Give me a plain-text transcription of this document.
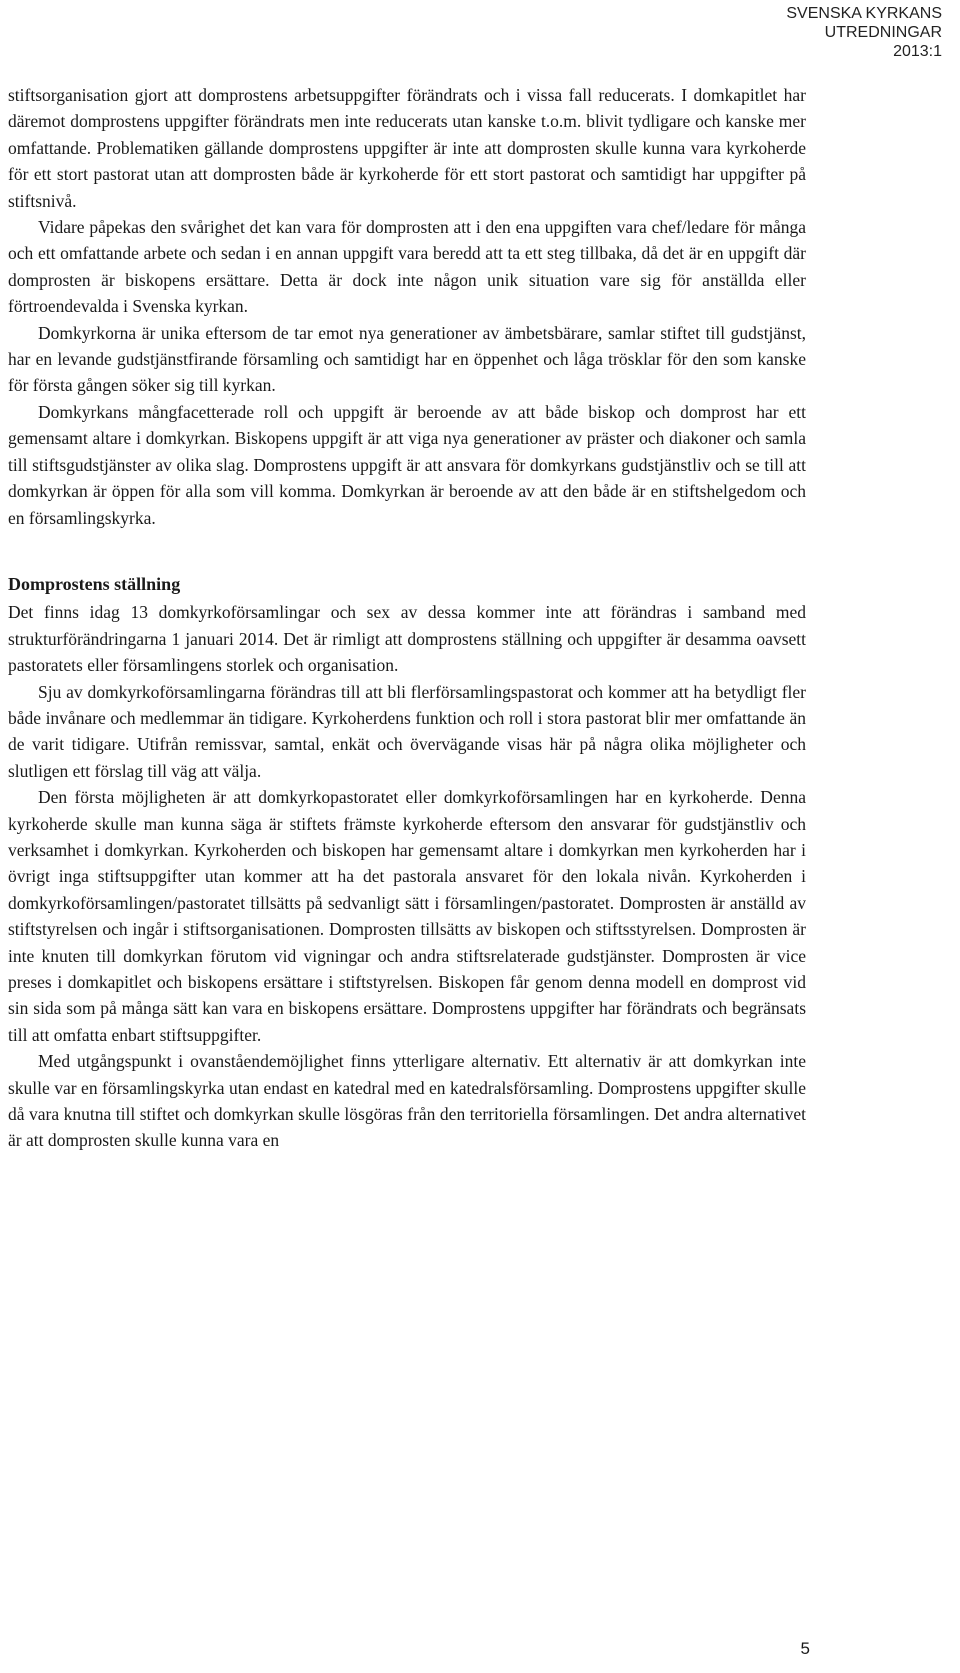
SVENSKA KYRKANS
UTREDNINGAR
2013:1

stiftsorganisation gjort att domprostens arbetsuppgifter förändrats och i vissa fall reducerats. I domkapitlet har däremot domprostens uppgifter förändrats men inte reducerats utan kanske t.o.m. blivit tydligare och kanske mer omfattande. Problematiken gällande domprostens uppgifter är inte att domprosten skulle kunna vara kyrkoherde för ett stort pastorat utan att domprosten både är kyrkoherde för ett stort pastorat och samtidigt har uppgifter på stiftsnivå.

Vidare påpekas den svårighet det kan vara för domprosten att i den ena uppgiften vara chef/ledare för många och ett omfattande arbete och sedan i en annan uppgift vara beredd att ta ett steg tillbaka, då det är en uppgift där domprosten är biskopens ersättare. Detta är dock inte någon unik situation vare sig för anställda eller förtroendevalda i Svenska kyrkan.

Domkyrkorna är unika eftersom de tar emot nya generationer av ämbetsbärare, samlar stiftet till gudstjänst, har en levande gudstjänstfirande församling och samtidigt har en öppenhet och låga trösklar för den som kanske för första gången söker sig till kyrkan.

Domkyrkans mångfacetterade roll och uppgift är beroende av att både biskop och domprost har ett gemensamt altare i domkyrkan. Biskopens uppgift är att viga nya generationer av präster och diakoner och samla till stiftsgudstjänster av olika slag. Domprostens uppgift är att ansvara för domkyrkans gudstjänstliv och se till att domkyrkan är öppen för alla som vill komma. Domkyrkan är beroende av att den både är en stiftshelgedom och en församlingskyrka.

Domprostens ställning

Det finns idag 13 domkyrkoförsamlingar och sex av dessa kommer inte att förändras i samband med strukturförändringarna 1 januari 2014. Det är rimligt att domprostens ställning och uppgifter är desamma oavsett pastoratets eller församlingens storlek och organisation.

Sju av domkyrkoförsamlingarna förändras till att bli flerförsamlingspastorat och kommer att ha betydligt fler både invånare och medlemmar än tidigare. Kyrkoherdens funktion och roll i stora pastorat blir mer omfattande än de varit tidigare. Utifrån remissvar, samtal, enkät och övervägande visas här på några olika möjligheter och slutligen ett förslag till väg att välja.

Den första möjligheten är att domkyrkopastoratet eller domkyrkoförsamlingen har en kyrkoherde. Denna kyrkoherde skulle man kunna säga är stiftets främste kyrkoherde eftersom den ansvarar för gudstjänstliv och verksamhet i domkyrkan. Kyrkoherden och biskopen har gemensamt altare i domkyrkan men kyrkoherden har i övrigt inga stiftsuppgifter utan kommer att ha det pastorala ansvaret för den lokala nivån. Kyrkoherden i domkyrkoförsamlingen/pastoratet tillsätts på sedvanligt sätt i församlingen/pastoratet. Domprosten är anställd av stiftstyrelsen och ingår i stiftsorganisationen. Domprosten tillsätts av biskopen och stiftsstyrelsen. Domprosten är inte knuten till domkyrkan förutom vid vigningar och andra stiftsrelaterade gudstjänster. Domprosten är vice preses i domkapitlet och biskopens ersättare i stiftstyrelsen. Biskopen får genom denna modell en domprost vid sin sida som på många sätt kan vara en biskopens ersättare. Domprostens uppgifter har förändrats och begränsats till att omfatta enbart stiftsuppgifter.

Med utgångspunkt i ovanståendemöjlighet finns ytterligare alternativ. Ett alternativ är att domkyrkan inte skulle var en församlingskyrka utan endast en katedral med en katedralsförsamling. Domprostens uppgifter skulle då vara knutna till stiftet och domkyrkan skulle lösgöras från den territoriella församlingen. Det andra alternativet är att domprosten skulle kunna vara en

5
